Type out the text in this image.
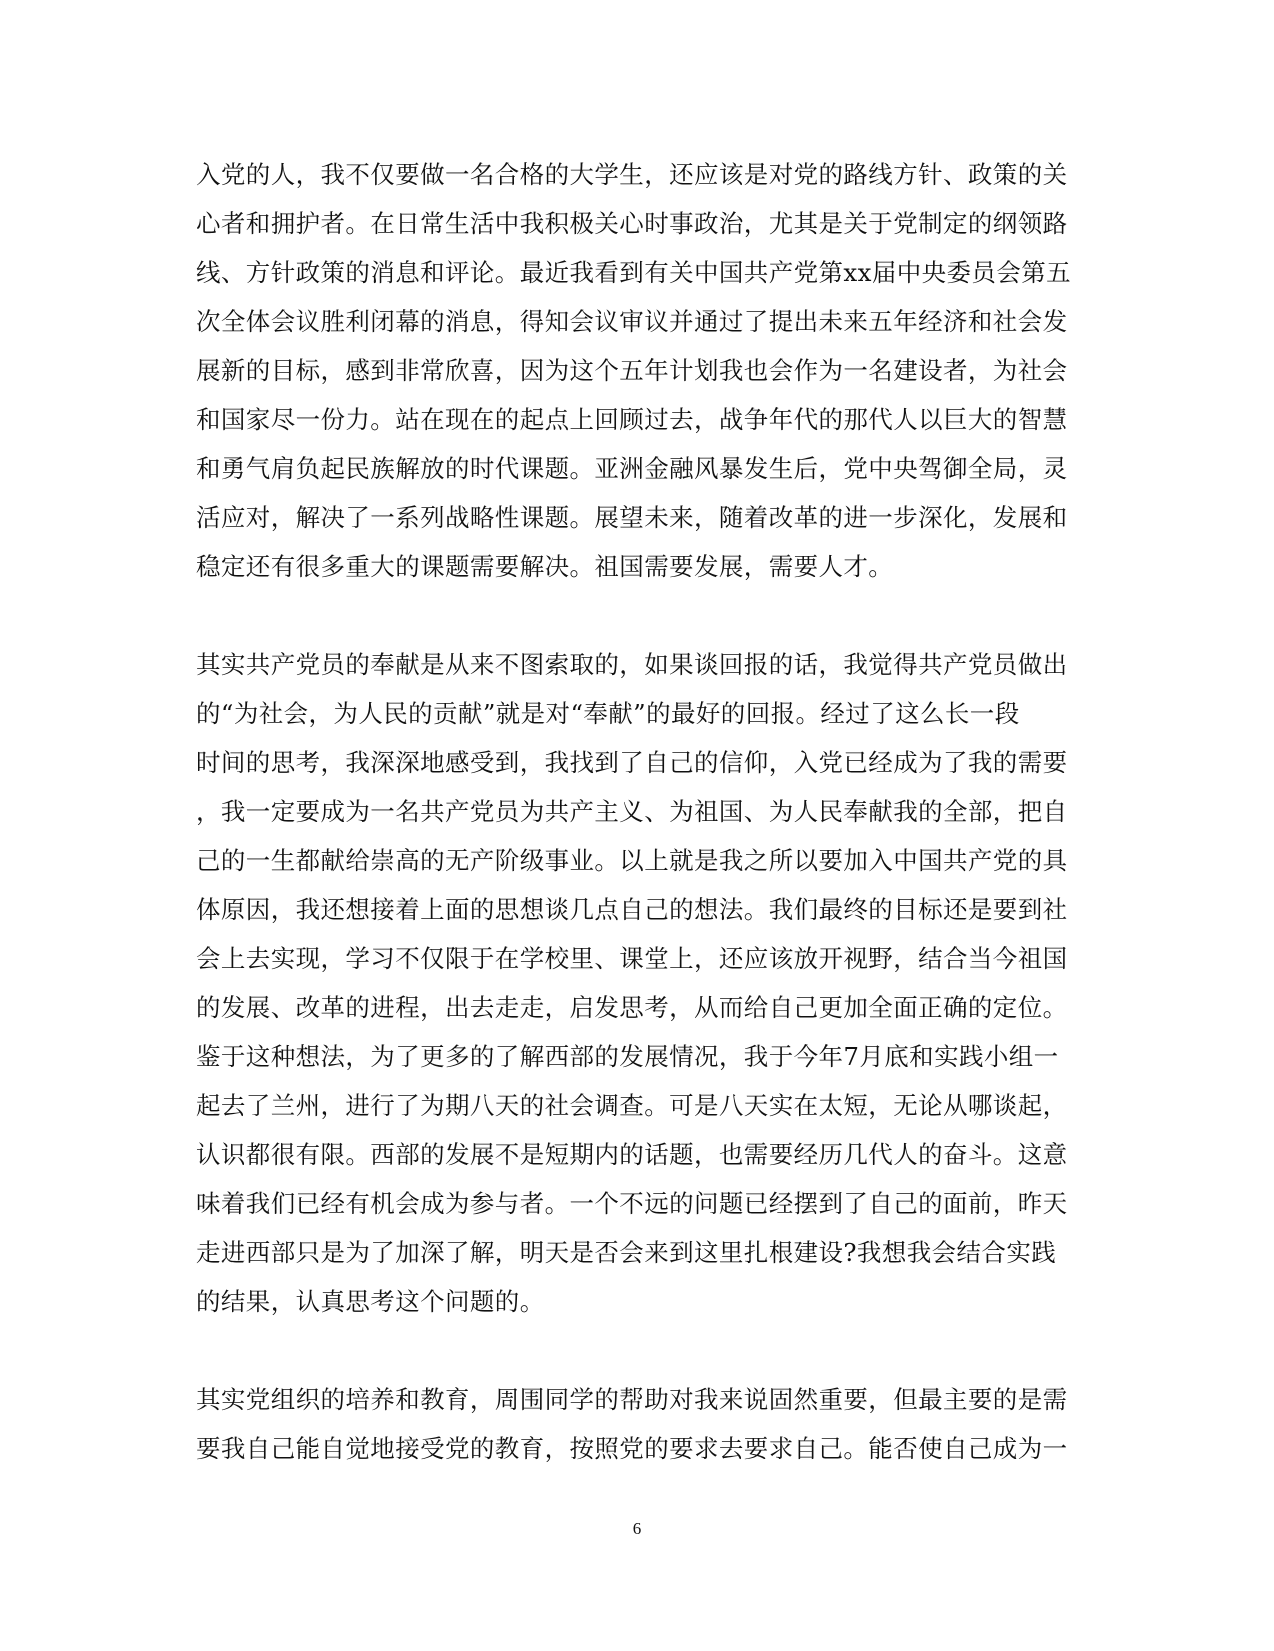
入党的人，我不仅要做一名合格的大学生，还应该是对党的路线方针、政策的关
心者和拥护者。在日常生活中我积极关心时事政治，尤其是关于党制定的纲领路
线、方针政策的消息和评论。最近我看到有关中国共产党第xx届中央委员会第五
次全体会议胜利闭幕的消息，得知会议审议并通过了提出未来五年经济和社会发
展新的目标，感到非常欣喜，因为这个五年计划我也会作为一名建设者，为社会
和国家尽一份力。站在现在的起点上回顾过去，战争年代的那代人以巨大的智慧
和勇气肩负起民族解放的时代课题。亚洲金融风暴发生后，党中央驾御全局，灵
活应对，解决了一系列战略性课题。展望未来，随着改革的进一步深化，发展和
稳定还有很多重大的课题需要解决。祖国需要发展，需要人才。
其实共产党员的奉献是从来不图索取的，如果谈回报的话，我觉得共产党员做出
的“为社会，为人民的贡献”就是对“奉献”的最好的回报。经过了这么长一段
时间的思考，我深深地感受到，我找到了自己的信仰，入党已经成为了我的需要
，我一定要成为一名共产党员为共产主义、为祖国、为人民奉献我的全部，把自
己的一生都献给崇高的无产阶级事业。以上就是我之所以要加入中国共产党的具
体原因，我还想接着上面的思想谈几点自己的想法。我们最终的目标还是要到社
会上去实现，学习不仅限于在学校里、课堂上，还应该放开视野，结合当今祖国
的发展、改革的进程，出去走走，启发思考，从而给自己更加全面正确的定位。
鉴于这种想法，为了更多的了解西部的发展情况，我于今年7月底和实践小组一
起去了兰州，进行了为期八天的社会调查。可是八天实在太短，无论从哪谈起，
认识都很有限。西部的发展不是短期内的话题，也需要经历几代人的奋斗。这意
味着我们已经有机会成为参与者。一个不远的问题已经摆到了自己的面前，昨天
走进西部只是为了加深了解，明天是否会来到这里扎根建设?我想我会结合实践
的结果，认真思考这个问题的。
其实党组织的培养和教育，周围同学的帮助对我来说固然重要，但最主要的是需
要我自己能自觉地接受党的教育，按照党的要求去要求自己。能否使自己成为一
6
